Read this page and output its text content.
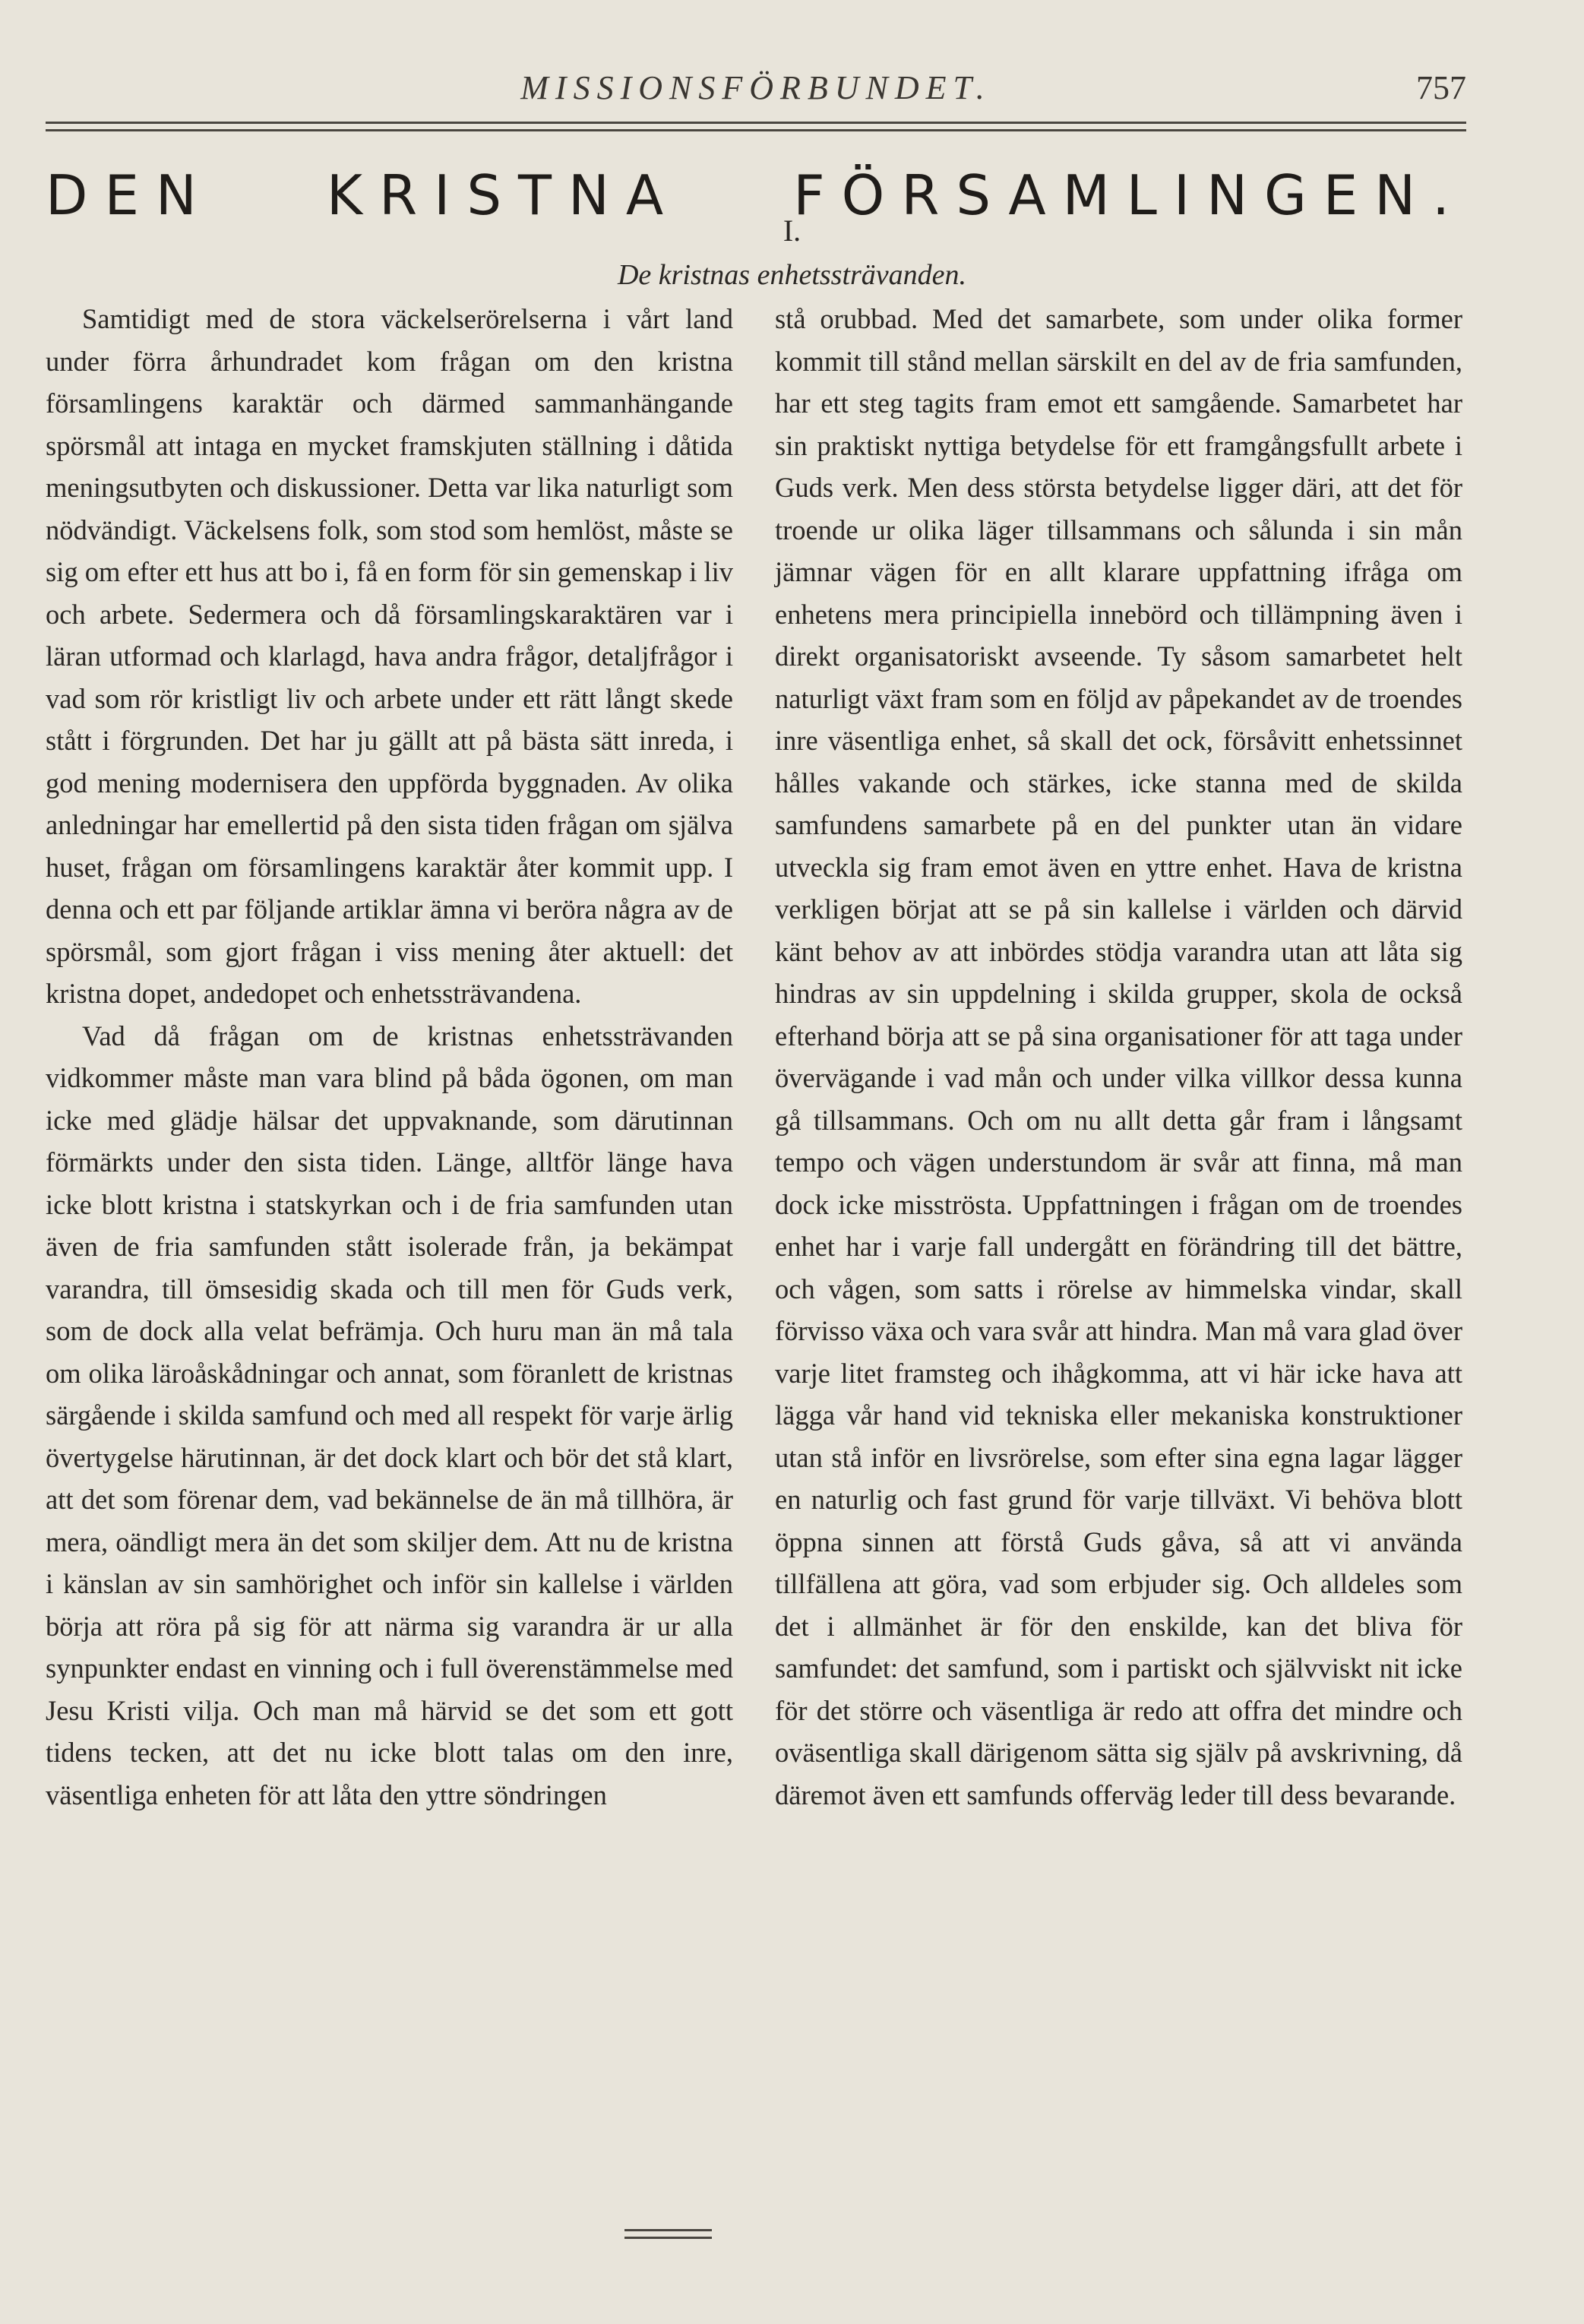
MISSIONSFÖRBUNDET.	757
DEN KRISTNA FÖRSAMLINGEN.
I.
De kristnas enhetssträvanden.

Samtidigt med de stora väckelserörelserna i vårt land under förra århundradet kom frågan om den kristna församlingens karaktär och därmed sammanhängande spörsmål att intaga en mycket framskjuten ställning i dåtida meningsutbyten och diskussioner. Detta var lika naturligt som nödvändigt. Väckelsens folk, som stod som hemlöst, måste se sig om efter ett hus att bo i, få en form för sin gemenskap i liv och arbete. Sedermera och då församlingskaraktären var i läran utformad och klarlagd, hava andra frågor, detaljfrågor i vad som rör kristligt liv och arbete under ett rätt långt skede stått i förgrunden. Det har ju gällt att på bästa sätt inreda, i god mening modernisera den uppförda byggnaden. Av olika anledningar har emellertid på den sista tiden frågan om själva huset, frågan om församlingens karaktär åter kommit upp. I denna och ett par följande artiklar ämna vi beröra några av de spörsmål, som gjort frågan i viss mening åter aktuell: det kristna dopet, andedopet och enhetssträvandena.

Vad då frågan om de kristnas enhetssträvanden vidkommer måste man vara blind på båda ögonen, om man icke med glädje hälsar det uppvaknande, som därutinnan förmärkts under den sista tiden. Länge, alltför länge hava icke blott kristna i statskyrkan och i de fria samfunden utan även de fria samfunden stått isolerade från, ja bekämpat varandra, till ömsesidig skada och till men för Guds verk, som de dock alla velat befrämja. Och huru man än må tala om olika läroåskådningar och annat, som föranlett de kristnas särgående i skilda samfund och med all respekt för varje ärlig övertygelse härutinnan, är det dock klart och bör det stå klart, att det som förenar dem, vad bekännelse de än må tillhöra, är mera, oändligt mera än det som skiljer dem. Att nu de kristna i känslan av sin samhörighet och inför sin kallelse i världen börja att röra på sig för att närma sig varandra är ur alla synpunkter endast en vinning och i full överenstämmelse med Jesu Kristi vilja. Och man må härvid se det som ett gott tidens tecken, att det nu icke blott talas om den inre, väsentliga enheten för att låta den yttre söndringen

stå orubbad. Med det samarbete, som under olika former kommit till stånd mellan särskilt en del av de fria samfunden, har ett steg tagits fram emot ett samgående. Samarbetet har sin praktiskt nyttiga betydelse för ett framgångsfullt arbete i Guds verk. Men dess största betydelse ligger däri, att det för troende ur olika läger tillsammans och sålunda i sin mån jämnar vägen för en allt klarare uppfattning ifråga om enhetens mera principiella innebörd och tillämpning även i direkt organisatoriskt avseende. Ty såsom samarbetet helt naturligt växt fram som en följd av påpekandet av de troendes inre väsentliga enhet, så skall det ock, försåvitt enhetssinnet hålles vakande och stärkes, icke stanna med de skilda samfundens samarbete på en del punkter utan än vidare utveckla sig fram emot även en yttre enhet. Hava de kristna verkligen börjat att se på sin kallelse i världen och därvid känt behov av att inbördes stödja varandra utan att låta sig hindras av sin uppdelning i skilda grupper, skola de också efterhand börja att se på sina organisationer för att taga under övervägande i vad mån och under vilka villkor dessa kunna gå tillsammans. Och om nu allt detta går fram i långsamt tempo och vägen understundom är svår att finna, må man dock icke misströsta. Uppfattningen i frågan om de troendes enhet har i varje fall undergått en förändring till det bättre, och vågen, som satts i rörelse av himmelska vindar, skall förvisso växa och vara svår att hindra. Man må vara glad över varje litet framsteg och ihågkomma, att vi här icke hava att lägga vår hand vid tekniska eller mekaniska konstruktioner utan stå inför en livsrörelse, som efter sina egna lagar lägger en naturlig och fast grund för varje tillväxt. Vi behöva blott öppna sinnen att förstå Guds gåva, så att vi använda tillfällena att göra, vad som erbjuder sig. Och alldeles som det i allmänhet är för den enskilde, kan det bliva för samfundet: det samfund, som i partiskt och självviskt nit icke för det större och väsentliga är redo att offra det mindre och oväsentliga skall därigenom sätta sig själv på avskrivning, då däremot även ett samfunds offerväg leder till dess bevarande.
